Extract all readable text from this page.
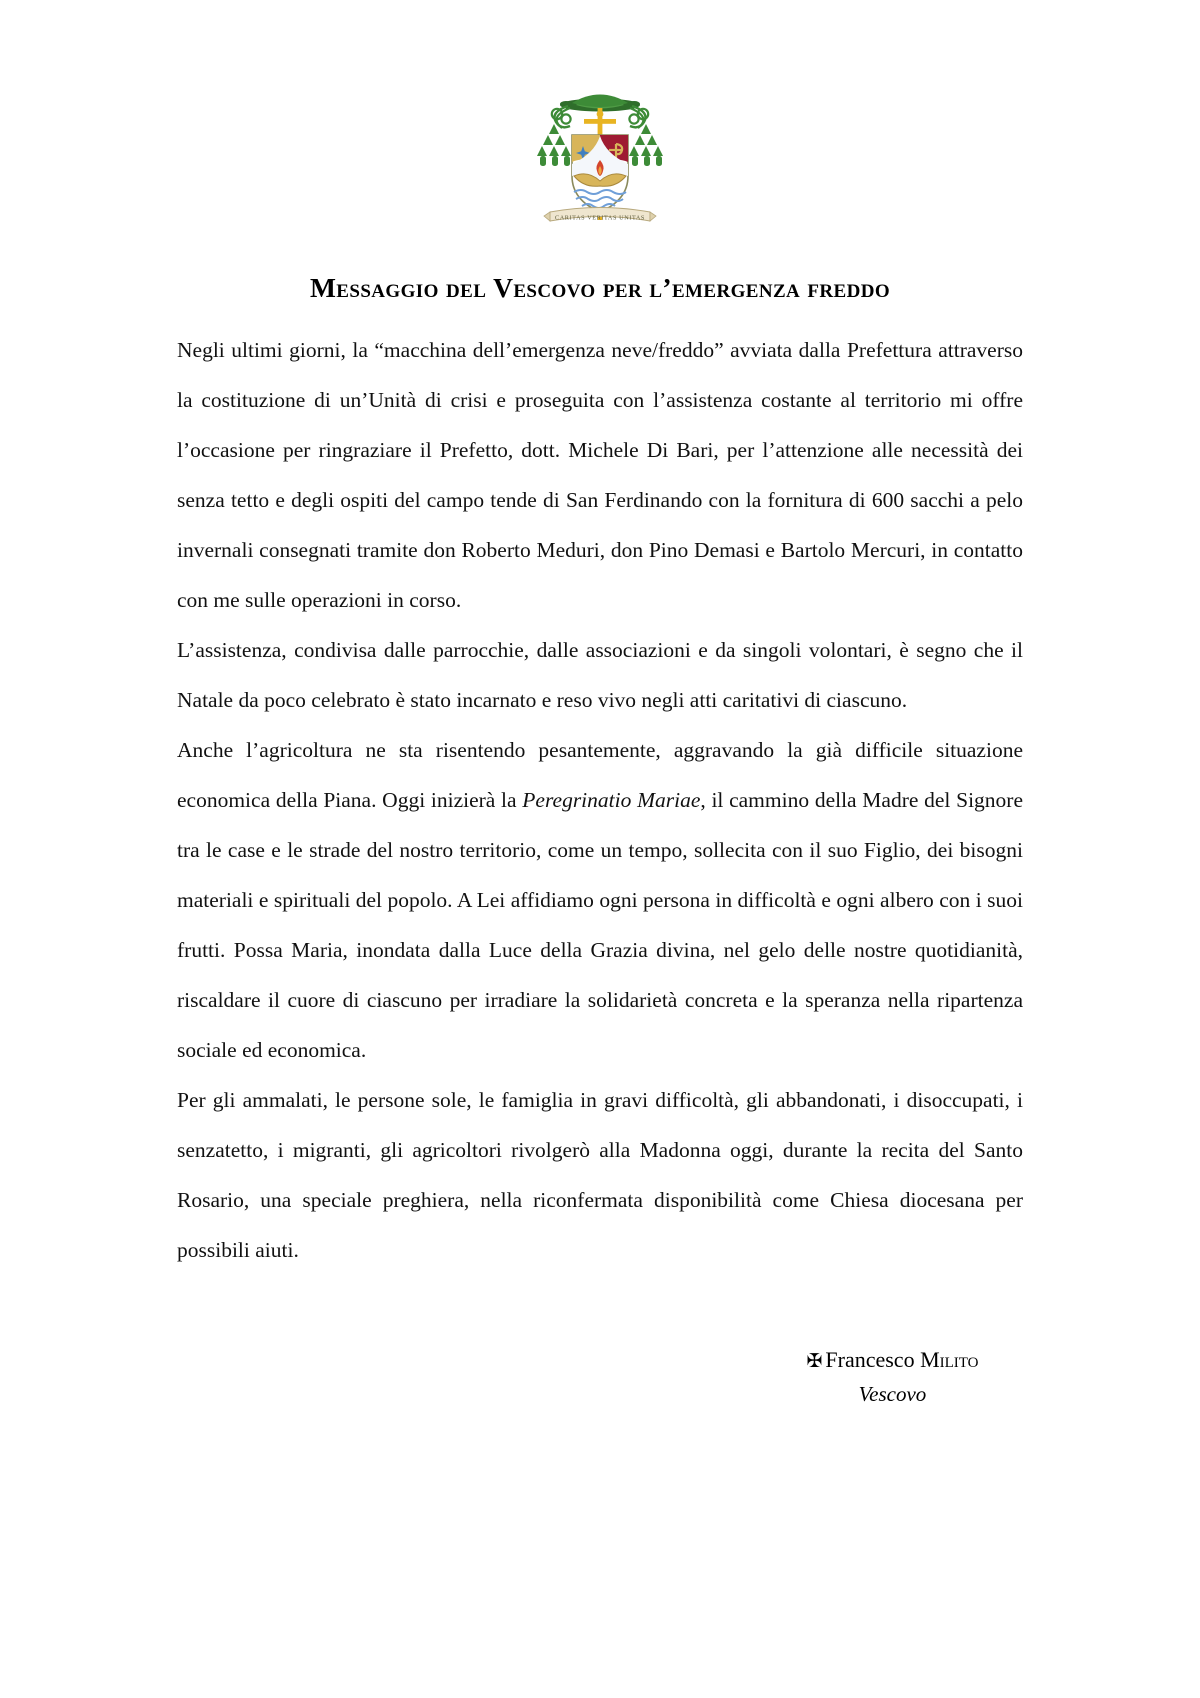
CARITAS VERITAS UNITAS
Messaggio del Vescovo per l’emergenza freddo

Negli ultimi giorni, la “macchina dell’emergenza neve/freddo” avviata dalla Prefettura attraverso la costituzione di un’Unità di crisi e proseguita con l’assistenza costante al territorio mi offre l’occasione per ringraziare il Prefetto, dott. Michele Di Bari, per l’attenzione alle necessità dei senza tetto e degli ospiti del campo tende di San Ferdinando con la fornitura di 600 sacchi a pelo invernali consegnati tramite don Roberto Meduri, don Pino Demasi e Bartolo Mercuri, in contatto con me sulle operazioni in corso.

L’assistenza, condivisa dalle parrocchie, dalle associazioni e da singoli volontari, è segno che il Natale da poco celebrato è stato incarnato e reso vivo negli atti caritativi di ciascuno.

Anche l’agricoltura ne sta risentendo pesantemente, aggravando la già difficile situazione economica della Piana. Oggi inizierà la Peregrinatio Mariae, il cammino della Madre del Signore tra le case e le strade del nostro territorio, come un tempo, sollecita con il suo Figlio, dei bisogni materiali e spirituali del popolo. A Lei affidiamo ogni persona in difficoltà e ogni albero con i suoi frutti. Possa Maria, inondata dalla Luce della Grazia divina, nel gelo delle nostre quotidianità, riscaldare il cuore di ciascuno per irradiare la solidarietà concreta e la speranza nella ripartenza sociale ed economica.

Per gli ammalati, le persone sole, le famiglia in gravi difficoltà, gli abbandonati, i disoccupati, i senzatetto, i migranti, gli agricoltori rivolgerò alla Madonna oggi, durante la recita del Santo Rosario, una speciale preghiera, nella riconfermata disponibilità come Chiesa diocesana per possibili aiuti.

✠ Francesco Milito
Vescovo
